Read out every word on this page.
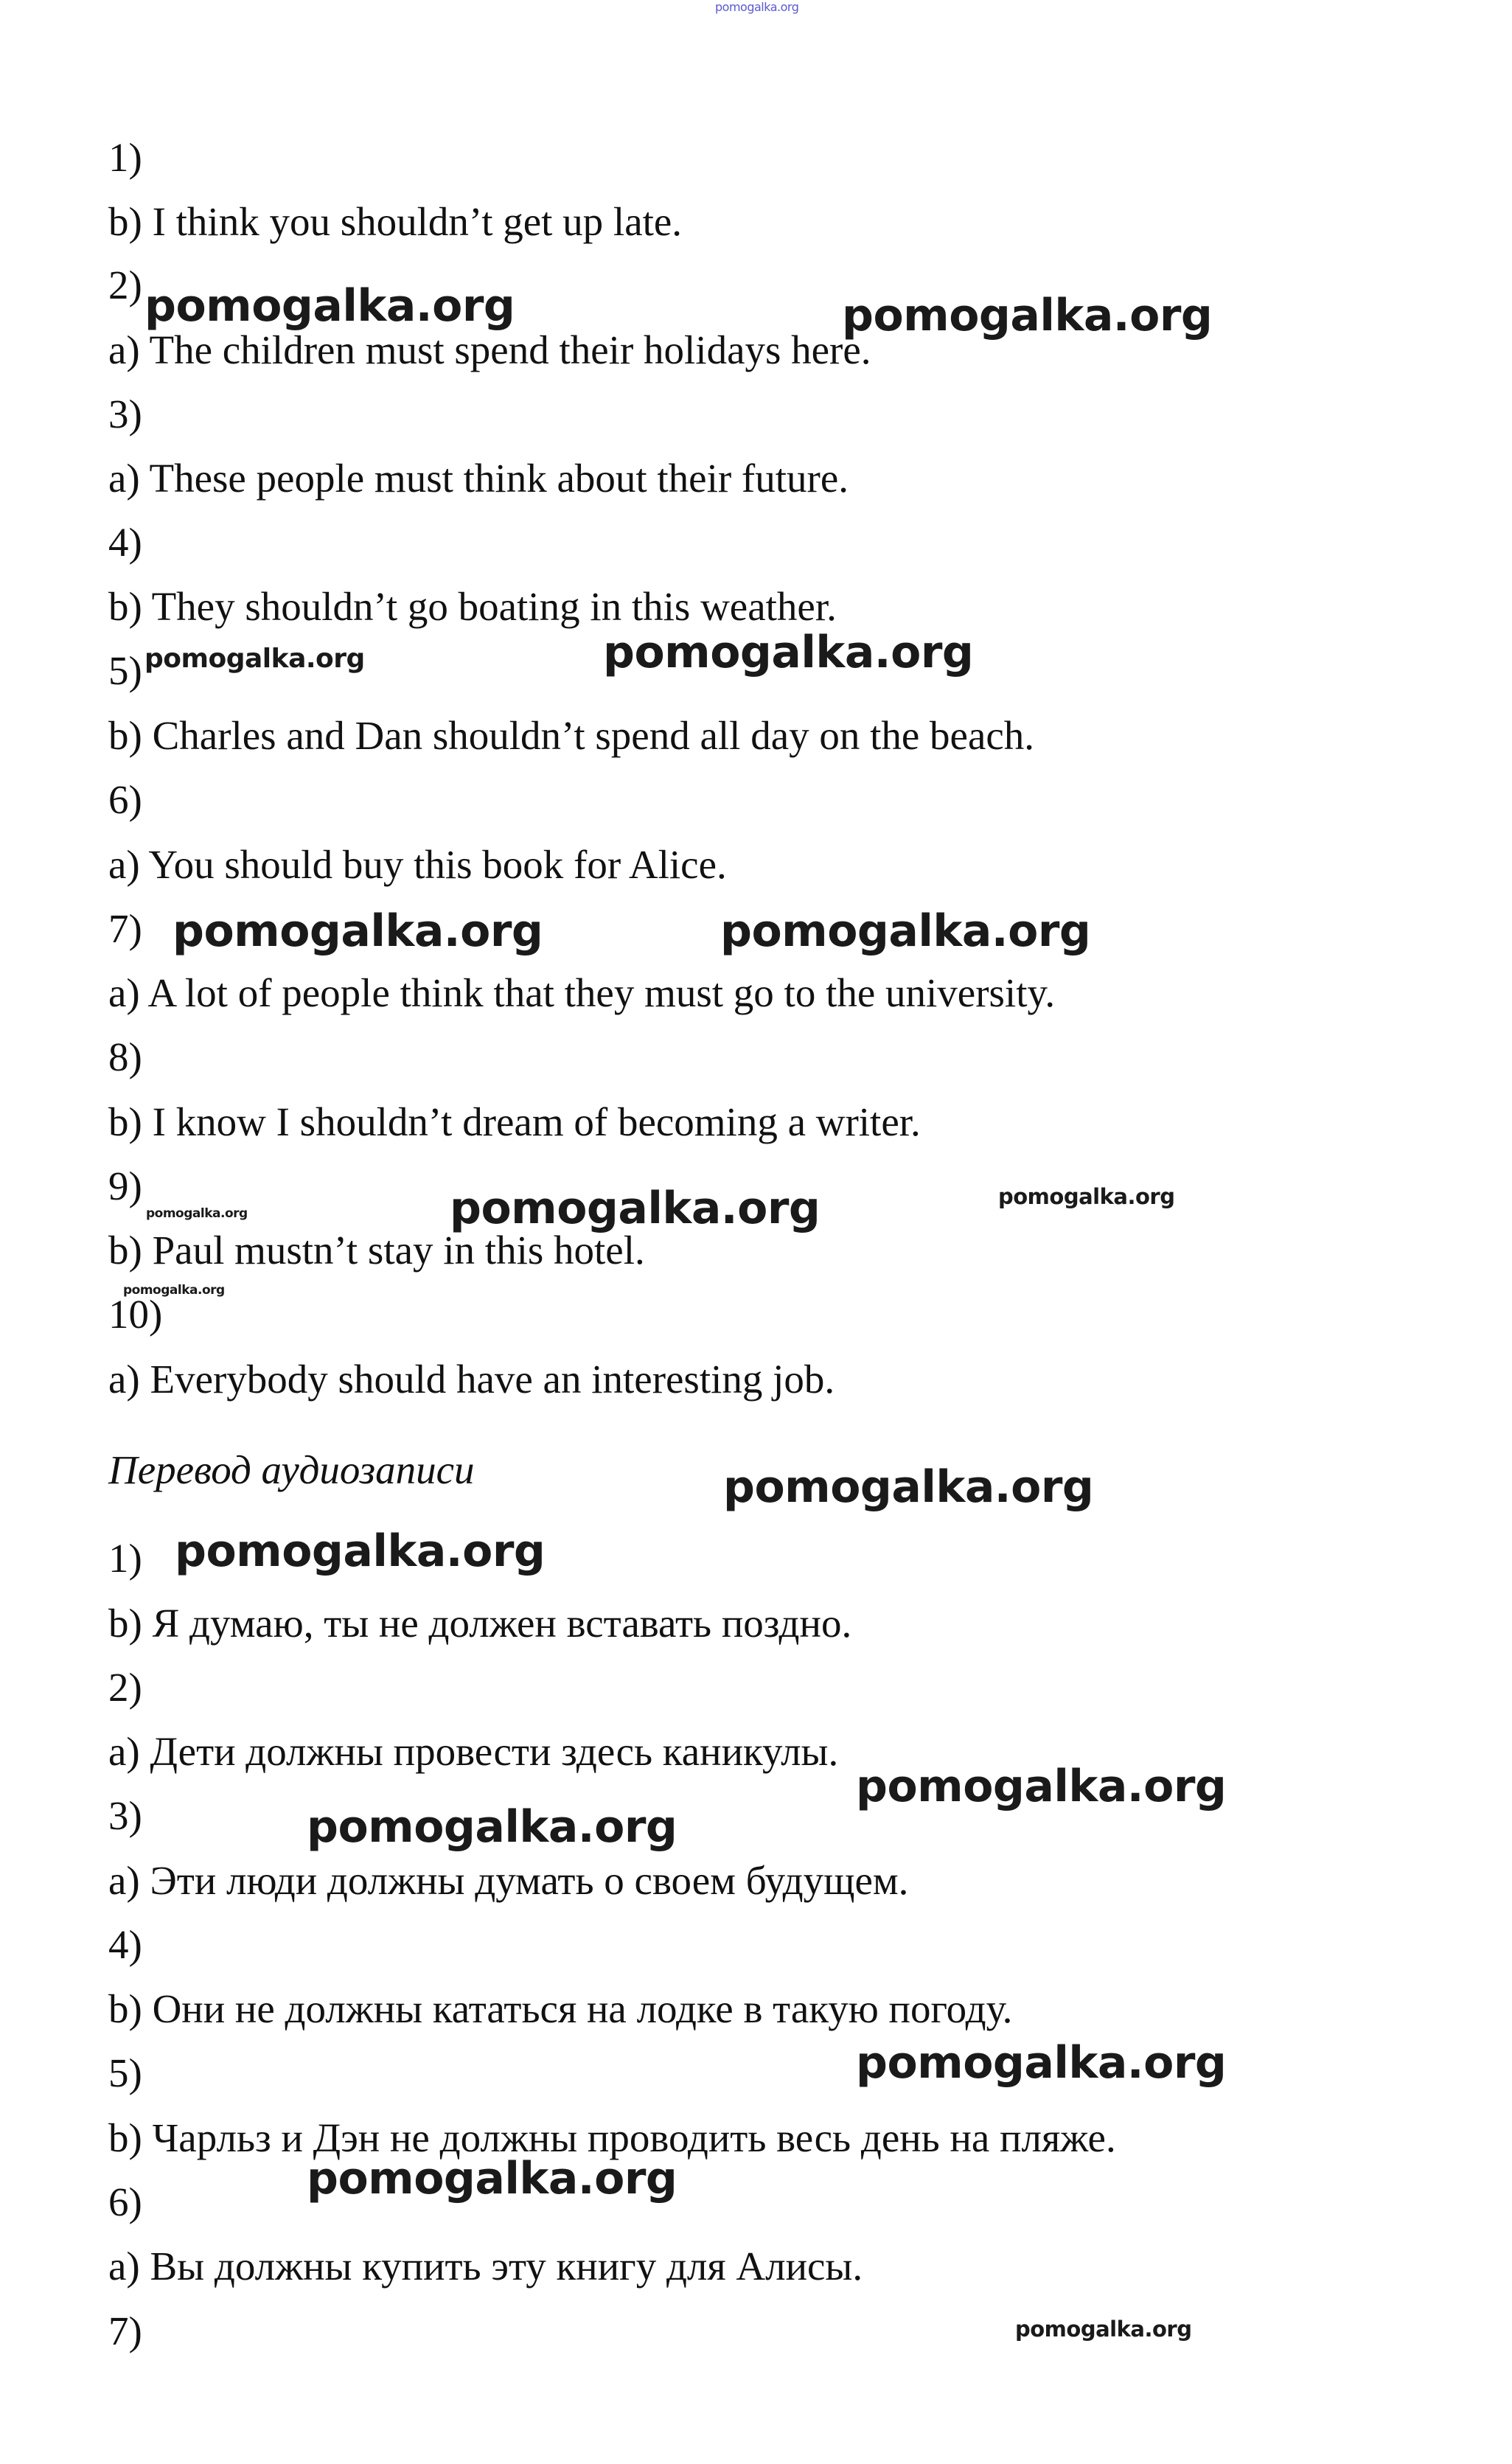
pomogalka.org

1)

b) I think you shouldn’t get up late.

2)

a) The children must spend their holidays here.

3)

a) These people must think about their future.

4)

b) They shouldn’t go boating in this weather.

5)

b) Charles and Dan shouldn’t spend all day on the beach.

6)

a) You should buy this book for Alice.

7)

a) A lot of people think that they must go to the university.

8)

b) I know I shouldn’t dream of becoming a writer.

9)

b) Paul mustn’t stay in this hotel.

10)

a) Everybody should have an interesting job.

Перевод аудиозаписи

1)

b) Я думаю, ты не должен вставать поздно.

2)

a) Дети должны провести здесь каникулы.

3)

a) Эти люди должны думать о своем будущем.

4)

b) Они не должны кататься на лодке в такую погоду.

5)

b) Чарльз и Дэн не должны проводить весь день на пляже.

6)

a) Вы должны купить эту книгу для Алисы.

7)

pomogalka.org	pomogalka.org
pomogalka.org	pomogalka.org
pomogalka.org	pomogalka.org
pomogalka.org	pomogalka.org	pomogalka.org
pomogalka.org
pomogalka.org
pomogalka.org
pomogalka.org
pomogalka.org
pomogalka.org
pomogalka.org
pomogalka.org
